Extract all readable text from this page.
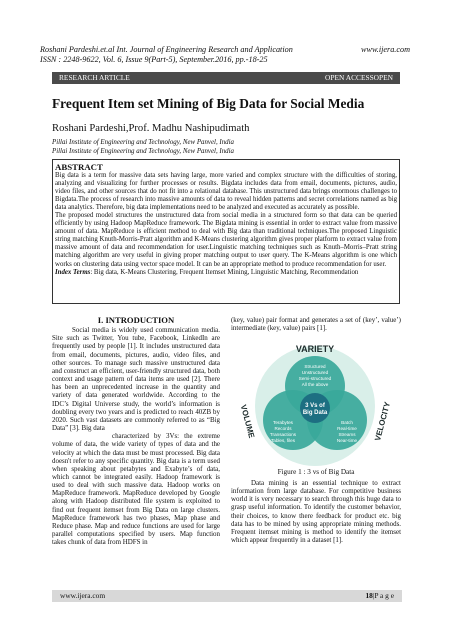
Roshani Pardeshi.et.al Int. Journal of Engineering Research and Application	www.ijera.com
ISSN : 2248-9622, Vol. 6, Issue 9(Part-5), September.2016, pp.-18-25
RESEARCH ARTICLE	OPEN ACCESSOPEN
Frequent Item set Mining of Big Data for Social Media
Roshani Pardeshi,Prof. Madhu Nashipudimath
Pillai Institute of Engineering and Technology, New Panvel, India
Pillai Institute of Engineering and Technology, New Panvel, India
ABSTRACT

Big data is a term for massive data sets having large, more varied and complex structure with the difficulties of storing, analyzing and visualizing for further processes or results. Bigdata includes data from email, documents, pictures, audio, video files, and other sources that do not fit into a relational database. This unstructured data brings enormous challenges to Bigdata.The process of research into massive amounts of data to reveal hidden patterns and secret correlations named as big data analytics. Therefore, big data implementations need to be analyzed and executed as accurately as possible.

The proposed model structures the unstructured data from social media in a structured form so that data can be queried efficiently by using Hadoop MapReduce framework. The Bigdata mining is essential in order to extract value from massive amount of data. MapReduce is efficient method to deal with Big data than traditional techniques.The proposed Linguistic string matching Knuth-Morris-Pratt algorithm and K-Means clustering algorithm gives proper platform to extract value from massive amount of data and recommendation for user.Linguistic matching techniques such as Knuth–Morris–Pratt string matching algorithm are very useful in giving proper matching output to user query. The K-Means algorithm is one which works on clustering data using vector space model. It can be an appropriate method to produce recommendation for user.

Index Terms: Big data, K-Means Clustering, Frequent Itemset Mining, Linguistic Matching, Recommendation

I. INTRODUCTION

Social media is widely used communication media. Site such as Twitter, You tube, Facebook, LinkedIn are frequently used by people [1]. It includes unstructured data from email, documents, pictures, audio, video files, and other sources. To manage such massive unstructured data and construct an efficient, user-friendly structured data, both context and usage pattern of data items are used [2]. There has been an unprecedented increase in the quantity and variety of data generated worldwide. According to the IDC’s Digital Universe study, the world’s information is doubling every two years and is predicted to reach 40ZB by 2020. Such vast datasets are commonly referred to as “Big Data” [3]. Big data

characterized by 3Vs: the extreme volume of data, the wide variety of types of data and the velocity at which the data must be must processed. Big data doesn't refer to any specific quantity. Big data is a term used when speaking about petabytes and Exabyte’s of data, which cannot be integrated easily. Hadoop framework is used to deal with such massive data. Hadoop works on MapReduce framework. MapReduce developed by Google along with Hadoop distributed file system is exploited to find out frequent itemset from Big Data on large clusters. MapReduce framework has two phases, Map phase and Reduce phase. Map and reduce functions are used for large parallel computations specified by users. Map function takes chunk of data from HDFS in

(key, value) pair format and generates a set of (key’, value’) intermediate (key, value) pairs [1].

VARIETY
VOLUME	VELOCITY
Structured
Unstructured
Semi-structured
All the above
Terabytes
Records
Transactions
Tables, files
Batch
Real-time
Streams
Near-time
3 Vs of
Big Data
Figure 1 : 3 vs of Big Data

Data mining is an essential technique to extract information from large database. For competitive business world it is very necessary to search through this huge data to grasp useful information. To identify the customer behavior, their choices, to know there feedback for product etc. big data has to be mined by using appropriate mining methods. Frequent itemset mining is method to identify the itemset which appear frequently in a dataset [1].

www.ijera.com	18|P a g e
